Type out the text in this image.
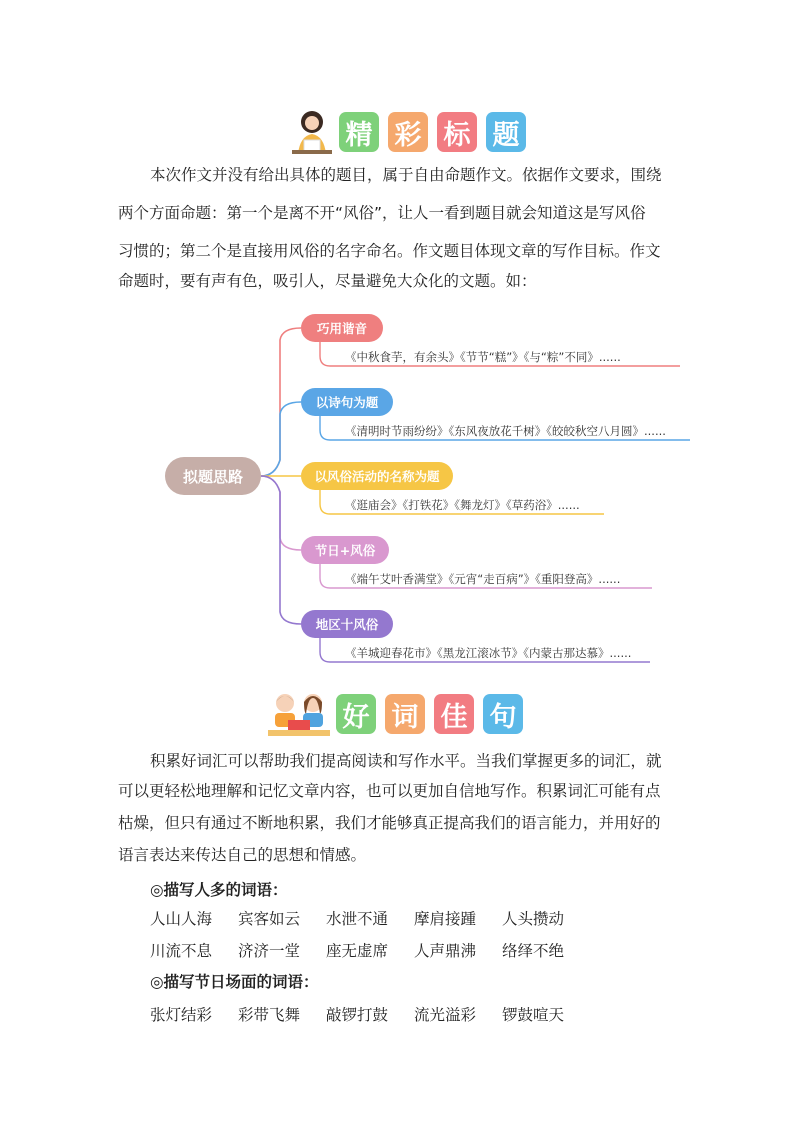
精 彩 标 题

本次作文并没有给出具体的题目，属于自由命题作文。依据作文要求，围绕

两个方面命题：第一个是离不开“风俗”，让人一看到题目就会知道这是写风俗

习惯的；第二个是直接用风俗的名字命名。作文题目体现文章的写作目标。作文

命题时，要有声有色，吸引人，尽量避免大众化的文题。如：

拟题思路
巧用谐音
《中秋食芋，有余头》《节节“糕”》《与“粽”不同》......
以诗句为题
《清明时节雨纷纷》《东风夜放花千树》《皎皎秋空八月圆》......
以风俗活动的名称为题
《逛庙会》《打铁花》《舞龙灯》《草药浴》......
节日+风俗
《端午艾叶香满堂》《元宵“走百病”》《重阳登高》......
地区十风俗
《羊城迎春花市》《黑龙江滚冰节》《内蒙古那达慕》......
好 词 佳 句

积累好词汇可以帮助我们提高阅读和写作水平。当我们掌握更多的词汇，就

可以更轻松地理解和记忆文章内容，也可以更加自信地写作。积累词汇可能有点

枯燥，但只有通过不断地积累，我们才能够真正提高我们的语言能力，并用好的

语言表达来传达自己的思想和情感。

◎描写人多的词语：
人山人海	宾客如云	水泄不通	摩肩接踵	人头攒动
川流不息	济济一堂	座无虚席	人声鼎沸	络绎不绝
◎描写节日场面的词语：
张灯结彩	彩带飞舞	敲锣打鼓	流光溢彩	锣鼓喧天
